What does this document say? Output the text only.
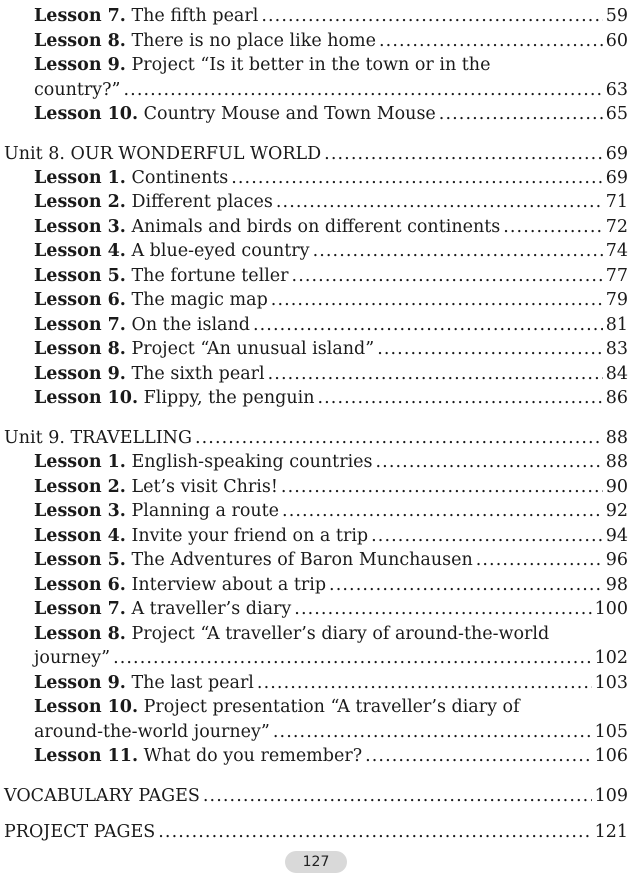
Lesson 7. The fifth pearl .....	59
Lesson 8. There is no place like home .....	60
Lesson 9. Project “Is it better in the town or in the
country?” .....	63
Lesson 10. Country Mouse and Town Mouse .....	65
Unit 8. OUR WONDERFUL WORLD .....	69
Lesson 1. Continents .....	69
Lesson 2. Different places .....	71
Lesson 3. Animals and birds on different continents .....	72
Lesson 4. A blue-eyed country .....	74
Lesson 5. The fortune teller .....	77
Lesson 6. The magic map .....	79
Lesson 7. On the island .....	81
Lesson 8. Project “An unusual island” .....	83
Lesson 9. The sixth pearl .....	84
Lesson 10. Flippy, the penguin .....	86
Unit 9. TRAVELLING .....	88
Lesson 1. English-speaking countries .....	88
Lesson 2. Let’s visit Chris! .....	90
Lesson 3. Planning a route .....	92
Lesson 4. Invite your friend on a trip .....	94
Lesson 5. The Adventures of Baron Munchausen .....	96
Lesson 6. Interview about a trip .....	98
Lesson 7. A traveller’s diary .....	100
Lesson 8. Project “A traveller’s diary of around-the-world
journey” .....	102
Lesson 9. The last pearl .....	103
Lesson 10. Project presentation “A traveller’s diary of
around-the-world journey” .....	105
Lesson 11. What do you remember? .....	106
VOCABULARY PAGES .....	109
PROJECT PAGES .....	121
127
